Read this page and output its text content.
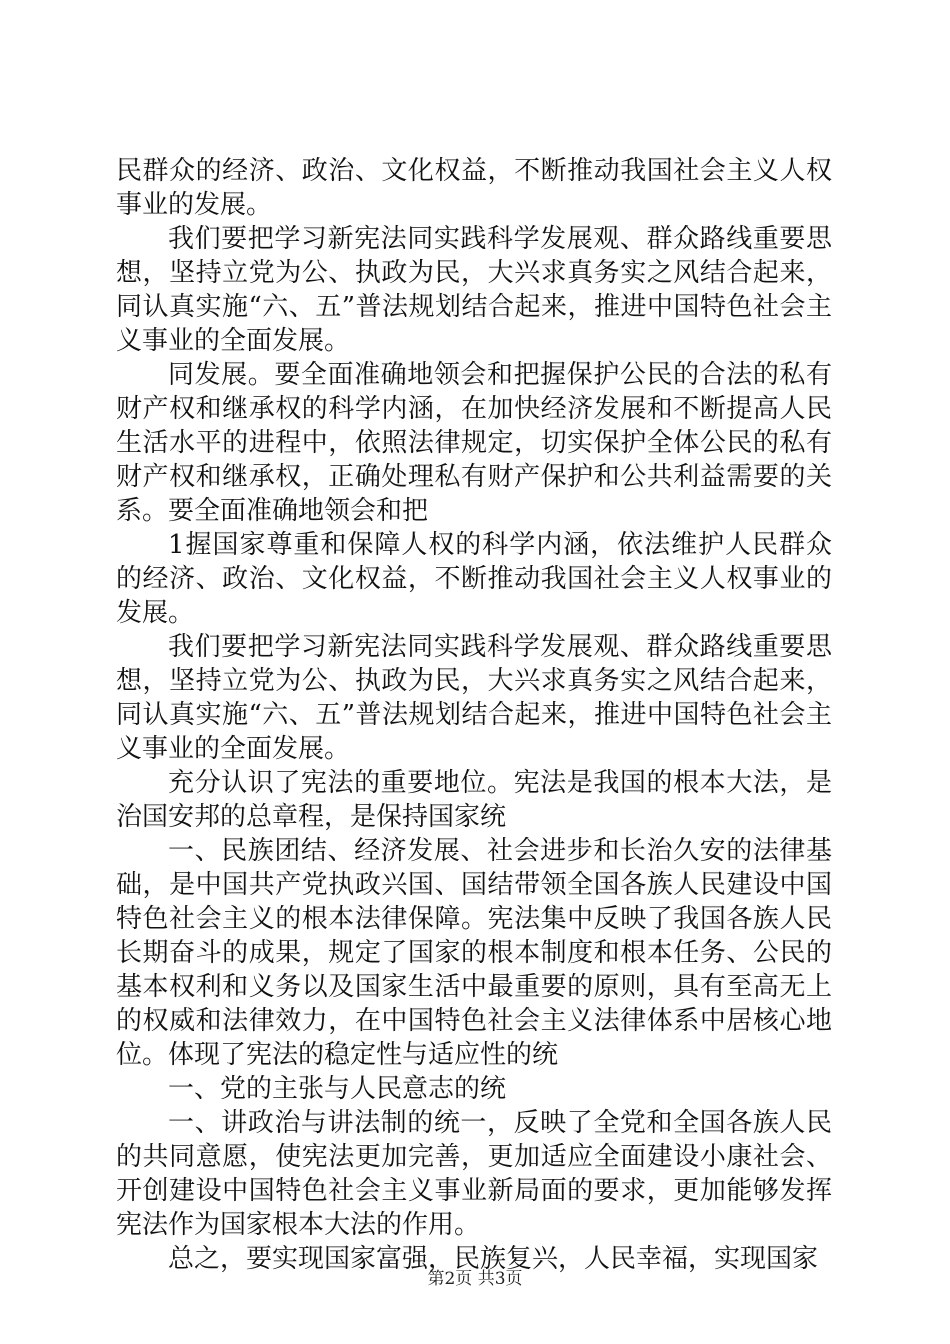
民群众的经济、政治、文化权益，不断推动我国社会主义人权事业的发展。

我们要把学习新宪法同实践科学发展观、群众路线重要思想，坚持立党为公、执政为民，大兴求真务实之风结合起来，同认真实施“六、五”普法规划结合起来，推进中国特色社会主义事业的全面发展。

同发展。要全面准确地领会和把握保护公民的合法的私有财产权和继承权的科学内涵，在加快经济发展和不断提高人民生活水平的进程中，依照法律规定，切实保护全体公民的私有财产权和继承权，正确处理私有财产保护和公共利益需要的关系。要全面准确地领会和把

1握国家尊重和保障人权的科学内涵，依法维护人民群众的经济、政治、文化权益，不断推动我国社会主义人权事业的发展。

我们要把学习新宪法同实践科学发展观、群众路线重要思想，坚持立党为公、执政为民，大兴求真务实之风结合起来，同认真实施“六、五”普法规划结合起来，推进中国特色社会主义事业的全面发展。

充分认识了宪法的重要地位。宪法是我国的根本大法，是治国安邦的总章程，是保持国家统

一、民族团结、经济发展、社会进步和长治久安的法律基础，是中国共产党执政兴国、国结带领全国各族人民建设中国特色社会主义的根本法律保障。宪法集中反映了我国各族人民长期奋斗的成果，规定了国家的根本制度和根本任务、公民的基本权利和义务以及国家生活中最重要的原则，具有至高无上的权威和法律效力，在中国特色社会主义法律体系中居核心地位。体现了宪法的稳定性与适应性的统

一、党的主张与人民意志的统

一、讲政治与讲法制的统一，反映了全党和全国各族人民的共同意愿，使宪法更加完善，更加适应全面建设小康社会、开创建设中国特色社会主义事业新局面的要求，更加能够发挥宪法作为国家根本大法的作用。

总之，要实现国家富强，民族复兴，人民幸福，实现国家

第2页 共3页
